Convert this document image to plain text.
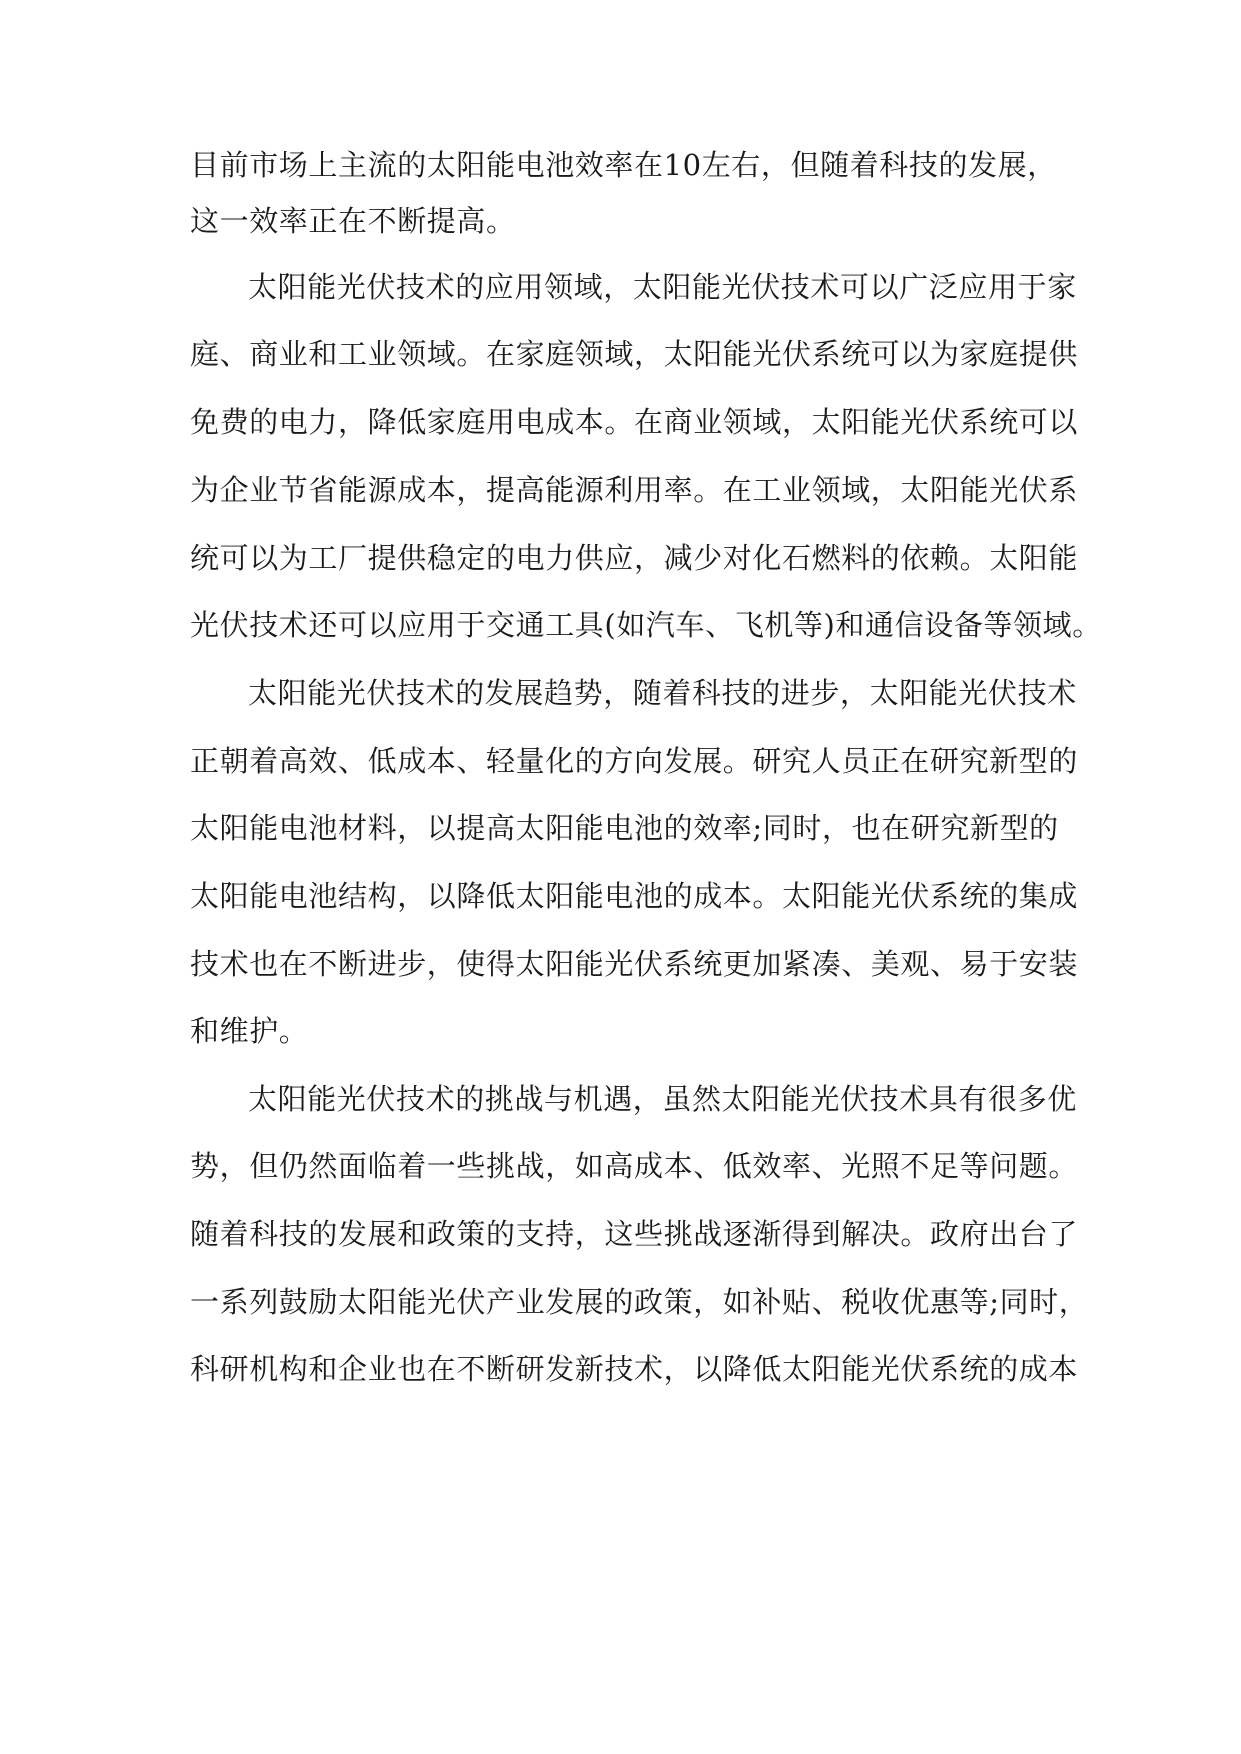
目前市场上主流的太阳能电池效率在10左右，但随着科技的发展，

这一效率正在不断提高。

太阳能光伏技术的应用领域，太阳能光伏技术可以广泛应用于家

庭、商业和工业领域。在家庭领域，太阳能光伏系统可以为家庭提供

免费的电力，降低家庭用电成本。在商业领域，太阳能光伏系统可以

为企业节省能源成本，提高能源利用率。在工业领域，太阳能光伏系

统可以为工厂提供稳定的电力供应，减少对化石燃料的依赖。太阳能

光伏技术还可以应用于交通工具(如汽车、飞机等)和通信设备等领域。

太阳能光伏技术的发展趋势，随着科技的进步，太阳能光伏技术

正朝着高效、低成本、轻量化的方向发展。研究人员正在研究新型的

太阳能电池材料，以提高太阳能电池的效率;同时，也在研究新型的

太阳能电池结构，以降低太阳能电池的成本。太阳能光伏系统的集成

技术也在不断进步，使得太阳能光伏系统更加紧凑、美观、易于安装

和维护。

太阳能光伏技术的挑战与机遇，虽然太阳能光伏技术具有很多优

势，但仍然面临着一些挑战，如高成本、低效率、光照不足等问题。

随着科技的发展和政策的支持，这些挑战逐渐得到解决。政府出台了

一系列鼓励太阳能光伏产业发展的政策，如补贴、税收优惠等;同时，

科研机构和企业也在不断研发新技术，以降低太阳能光伏系统的成本
